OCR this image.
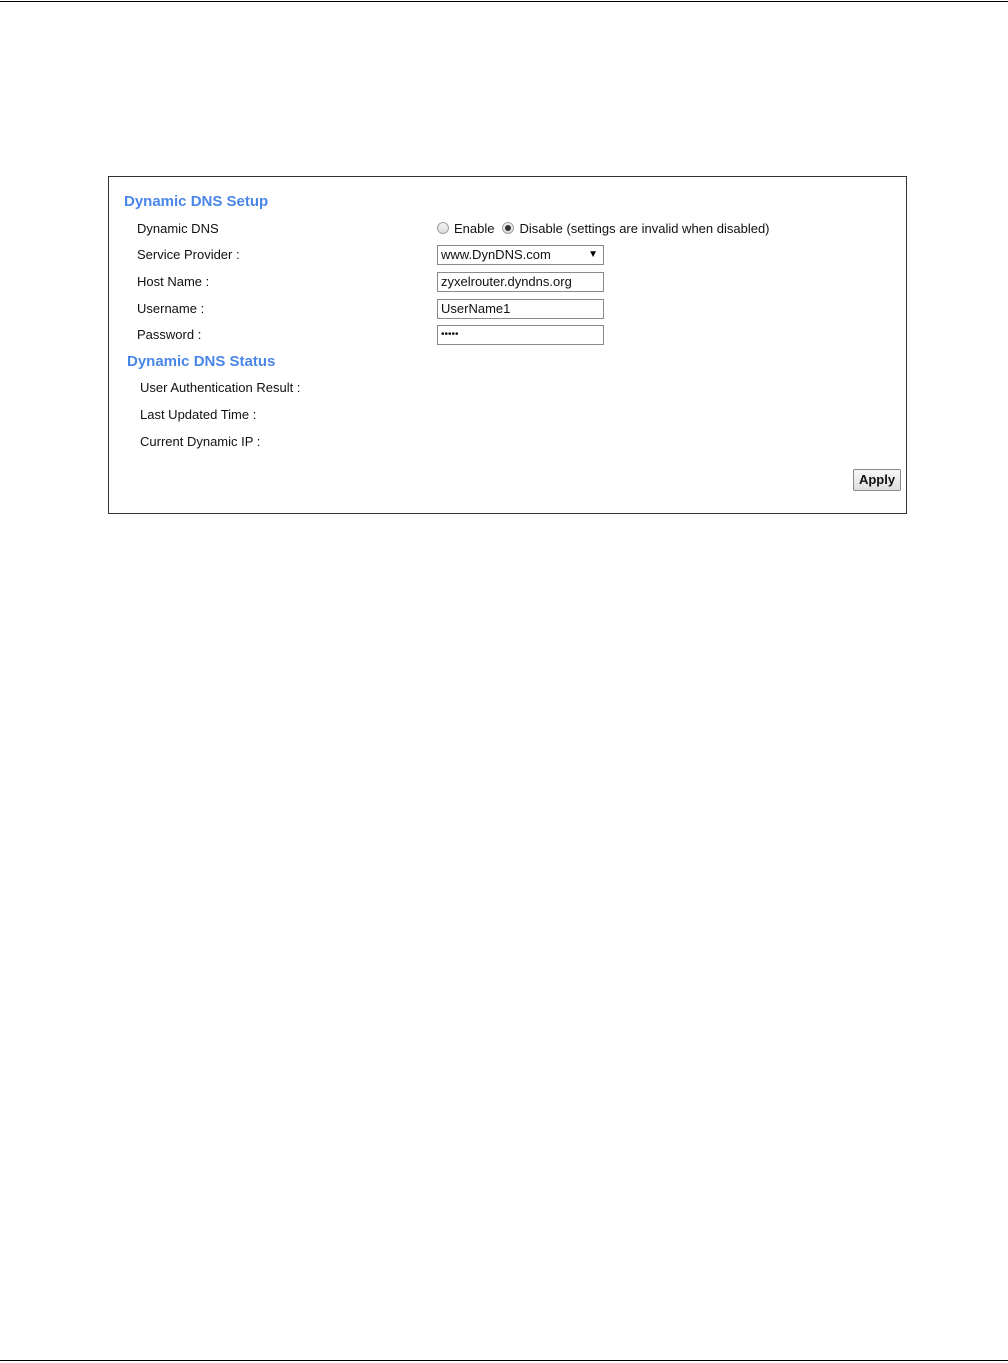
Dynamic DNS Setup
Dynamic DNS	Enable Disable (settings are invalid when disabled)
Service Provider :	www.DynDNS.com	▼
Host Name :	zyxelrouter.dyndns.org
Username :	UserName1
Password :	•••••
Dynamic DNS Status
User Authentication Result :
Last Updated Time :
Current Dynamic IP :
Apply
